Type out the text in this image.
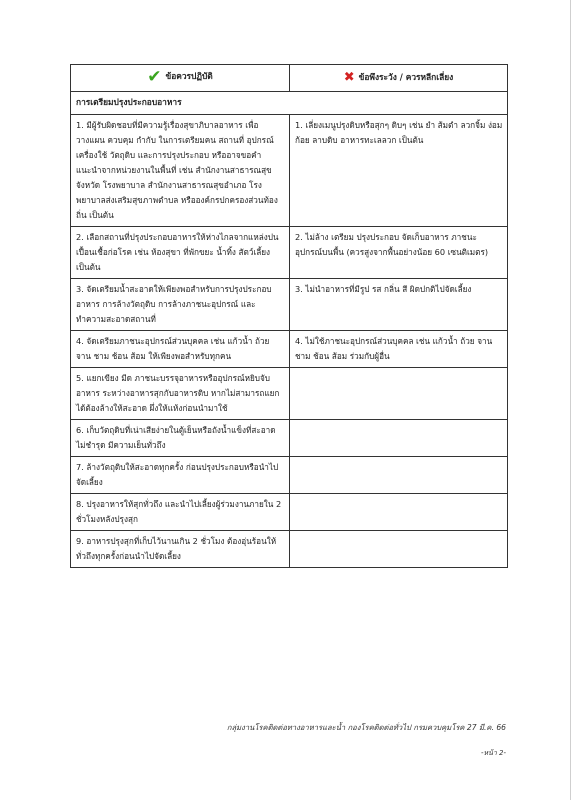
✔ ข้อควรปฏิบัติ	✖ ข้อพึงระวัง / ควรหลีกเลี่ยง

การเตรียมปรุงประกอบอาหาร	
1. มีผู้รับผิดชอบที่มีความรู้เรื่องสุขาภิบาลอาหาร เพื่อวางแผน ควบคุม กำกับ ในการเตรียมคน สถานที่ อุปกรณ์ เครื่องใช้ วัตถุดิบ และการปรุงประกอบ หรืออาจขอคำแนะนำจากหน่วยงานในพื้นที่ เช่น สำนักงานสาธารณสุขจังหวัด โรงพยาบาล สำนักงานสาธารณสุขอำเภอ โรงพยาบาลส่งเสริมสุขภาพตำบล หรือองค์กรปกครองส่วนท้องถิ่น เป็นต้น	1. เลี่ยงเมนูปรุงดิบหรือสุกๆ ดิบๆ เช่น ยำ ส้มตำ ลวกจิ้ม ง่อม ก้อย ลาบดิบ อาหารทะเลลวก เป็นต้น
2. เลือกสถานที่ปรุงประกอบอาหารให้ห่างไกลจากแหล่งปนเปื้อนเชื้อก่อโรค เช่น ห้องสุขา ที่พักขยะ น้ำทิ้ง สัตว์เลี้ยง เป็นต้น	2. ไม่ล้าง เตรียม ปรุงประกอบ จัดเก็บอาหาร ภาชนะอุปกรณ์บนพื้น (ควรสูงจากพื้นอย่างน้อย 60 เซนติเมตร)
3. จัดเตรียมน้ำสะอาดให้เพียงพอสำหรับการปรุงประกอบอาหาร การล้างวัตถุดิบ การล้างภาชนะอุปกรณ์ และทำความสะอาดสถานที่	3. ไม่นำอาหารที่มีรูป รส กลิ่น สี ผิดปกติไปจัดเลี้ยง
4. จัดเตรียมภาชนะอุปกรณ์ส่วนบุคคล เช่น แก้วน้ำ ถ้วย จาน ชาม ช้อน ส้อม ให้เพียงพอสำหรับทุกคน	4. ไม่ใช้ภาชนะอุปกรณ์ส่วนบุคคล เช่น แก้วน้ำ ถ้วย จาน ชาม ช้อน ส้อม ร่วมกับผู้อื่น
5. แยกเขียง มีด ภาชนะบรรจุอาหารหรืออุปกรณ์หยิบจับอาหาร ระหว่างอาหารสุกกับอาหารดิบ หากไม่สามารถแยกได้ต้องล้างให้สะอาด ผึ่งให้แห้งก่อนนำมาใช้	
6. เก็บวัตถุดิบที่เน่าเสียง่ายในตู้เย็นหรือถังน้ำแข็งที่สะอาด ไม่ชำรุด มีความเย็นทั่วถึง	
7. ล้างวัตถุดิบให้สะอาดทุกครั้ง ก่อนปรุงประกอบหรือนำไปจัดเลี้ยง	
8. ปรุงอาหารให้สุกทั่วถึง และนำไปเลี้ยงผู้ร่วมงานภายใน 2 ชั่วโมงหลังปรุงสุก	
9. อาหารปรุงสุกที่เก็บไว้นานเกิน 2 ชั่วโมง ต้องอุ่นร้อนให้ทั่วถึงทุกครั้งก่อนนำไปจัดเลี้ยง	
กลุ่มงานโรคติดต่อทางอาหารและน้ำ กองโรคติดต่อทั่วไป กรมควบคุมโรค 27 มี.ค. 66
-หน้า 2-
